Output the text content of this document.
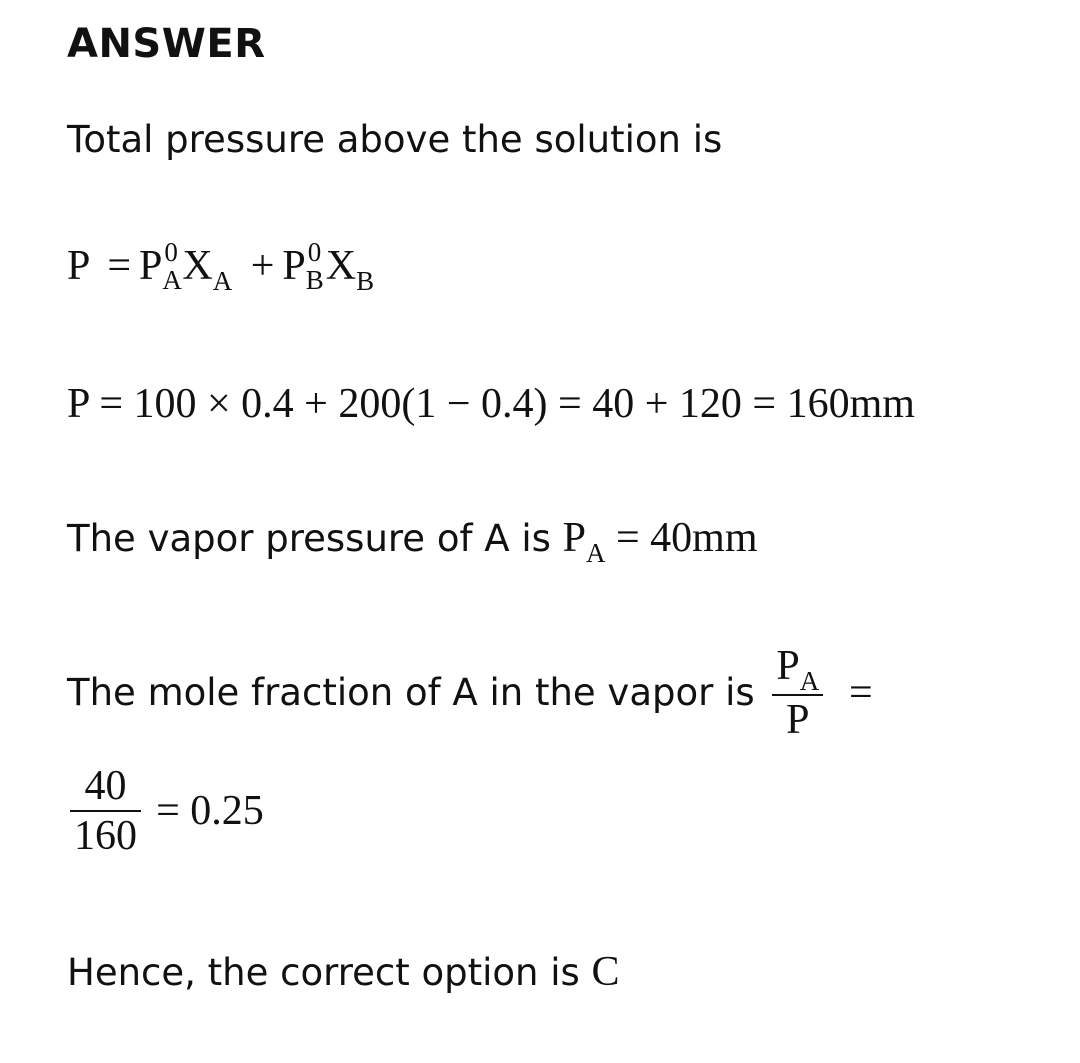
ANSWER
Total pressure above the solution is
P = P 0
A $X_A + P$ 0
B $X_B$
P = 100 × 0.4 + 200(1 − 0.4) = 40 + 120 = 160mm
The vapor pressure of A is $P_A = 40mm$
The mole fraction of A in the vapor is $\frac{P_A}{P}$ =
$\frac{40}{160} = 0.25$
Hence, the correct option is C
